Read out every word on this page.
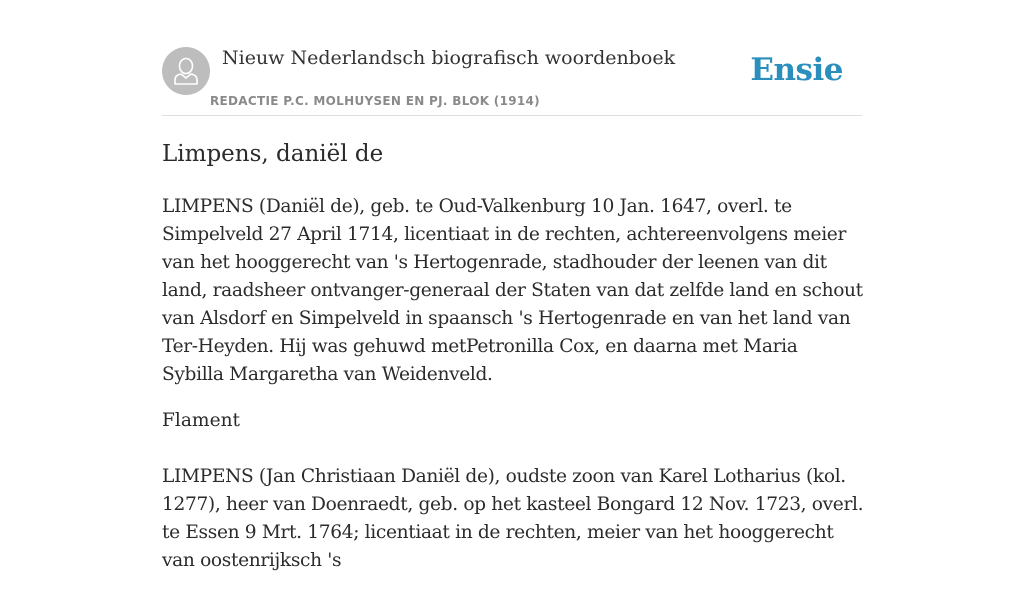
Nieuw Nederlandsch biografisch woordenboek
REDACTIE P.C. MOLHUYSEN EN PJ. BLOK (1914)
Ensie
Limpens, daniël de

LIMPENS (Daniël de), geb. te Oud-Valkenburg 10 Jan. 1647, overl. te Simpelveld 27 April 1714, licentiaat in de rechten, achtereenvolgens meier van het hooggerecht van 's Hertogenrade, stadhouder der leenen van dit land, raadsheer ontvanger-generaal der Staten van dat zelfde land en schout van Alsdorf en Simpelveld in spaansch 's Hertogenrade en van het land van Ter-Heyden. Hij was gehuwd metPetronilla Cox, en daarna met Maria Sybilla Margaretha van Weidenveld.

Flament

LIMPENS (Jan Christiaan Daniël de), oudste zoon van Karel Lotharius (kol. 1277), heer van Doenraedt, geb. op het kasteel Bongard 12 Nov. 1723, overl. te Essen 9 Mrt. 1764; licentiaat in de rechten, meier van het hooggerecht van oostenrijksch 's
